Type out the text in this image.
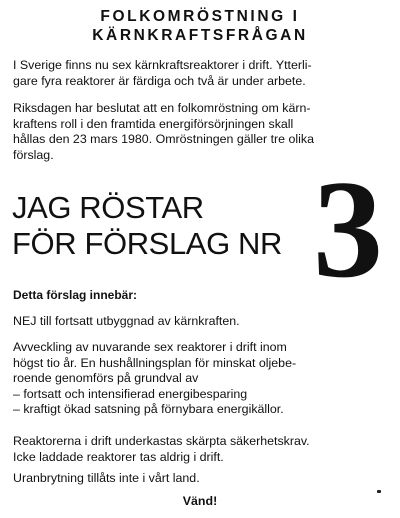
FOLKOMRÖSTNING I
KÄRNKRAFTSFRÅGAN

I Sverige finns nu sex kärnkraftsreaktorer i drift. Ytterli-
gare fyra reaktorer är färdiga och två är under arbete.

Riksdagen har beslutat att en folkomröstning om kärn-
kraftens roll i den framtida energiförsörjningen skall
hållas den 23 mars 1980. Omröstningen gäller tre olika
förslag.

JAG RÖSTAR
FÖR FÖRSLAG NR 3
Detta förslag innebär:

NEJ till fortsatt utbyggnad av kärnkraften.

Avveckling av nuvarande sex reaktorer i drift inom
högst tio år. En hushållningsplan för minskat oljebe-
roende genomförs på grundval av
– fortsatt och intensifierad energibesparing
– kraftigt ökad satsning på förnybara energikällor.

Reaktorerna i drift underkastas skärpta säkerhetskrav.
Icke laddade reaktorer tas aldrig i drift.

Uranbrytning tillåts inte i vårt land.

Vänd!
